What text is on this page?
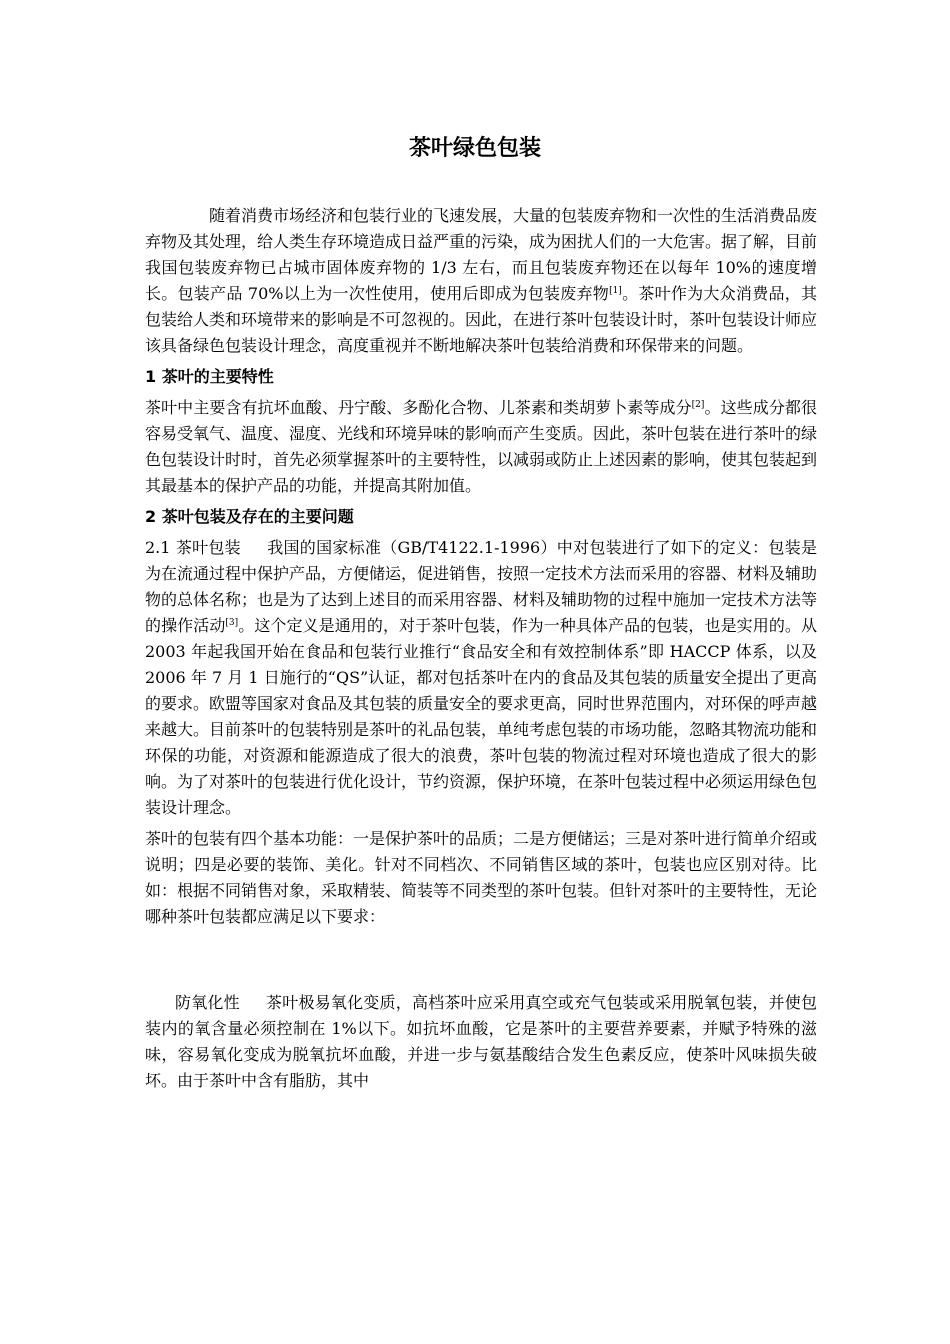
茶叶绿色包装

随着消费市场经济和包装行业的飞速发展，大量的包装废弃物和一次性的生活消费品废弃物及其处理，给人类生存环境造成日益严重的污染，成为困扰人们的一大危害。据了解，目前我国包装废弃物已占城市固体废弃物的 1/3 左右，而且包装废弃物还在以每年 10%的速度增长。包装产品 70%以上为一次性使用，使用后即成为包装废弃物[1]。茶叶作为大众消费品，其包装给人类和环境带来的影响是不可忽视的。因此，在进行茶叶包装设计时，茶叶包装设计师应该具备绿色包装设计理念，高度重视并不断地解决茶叶包装给消费和环保带来的问题。

1 茶叶的主要特性

茶叶中主要含有抗坏血酸、丹宁酸、多酚化合物、儿茶素和类胡萝卜素等成分[2]。这些成分都很容易受氧气、温度、湿度、光线和环境异味的影响而产生变质。因此，茶叶包装在进行茶叶的绿色包装设计时时，首先必须掌握茶叶的主要特性，以减弱或防止上述因素的影响，使其包装起到其最基本的保护产品的功能，并提高其附加值。

2 茶叶包装及存在的主要问题

2.1 茶叶包装 我国的国家标准（GB/T4122.1-1996）中对包装进行了如下的定义：包装是为在流通过程中保护产品，方便储运，促进销售，按照一定技术方法而采用的容器、材料及辅助物的总体名称；也是为了达到上述目的而采用容器、材料及辅助物的过程中施加一定技术方法等的操作活动[3]。这个定义是通用的，对于茶叶包装，作为一种具体产品的包装，也是实用的。从 2003 年起我国开始在食品和包装行业推行“食品安全和有效控制体系”即 HACCP 体系，以及 2006 年 7 月 1 日施行的“QS”认证，都对包括茶叶在内的食品及其包装的质量安全提出了更高的要求。欧盟等国家对食品及其包装的质量安全的要求更高，同时世界范围内，对环保的呼声越来越大。目前茶叶的包装特别是茶叶的礼品包装，单纯考虑包装的市场功能，忽略其物流功能和环保的功能，对资源和能源造成了很大的浪费，茶叶包装的物流过程对环境也造成了很大的影响。为了对茶叶的包装进行优化设计，节约资源，保护环境，在茶叶包装过程中必须运用绿色包装设计理念。

茶叶的包装有四个基本功能：一是保护茶叶的品质；二是方便储运；三是对茶叶进行简单介绍或说明；四是必要的装饰、美化。针对不同档次、不同销售区域的茶叶，包装也应区别对待。比如：根据不同销售对象，采取精装、简装等不同类型的茶叶包装。但针对茶叶的主要特性，无论哪种茶叶包装都应满足以下要求：

防氧化性 茶叶极易氧化变质，高档茶叶应采用真空或充气包装或采用脱氧包装，并使包装内的氧含量必须控制在 1%以下。如抗坏血酸，它是茶叶的主要营养要素，并赋予特殊的滋味，容易氧化变成为脱氧抗坏血酸，并进一步与氨基酸结合发生色素反应，使茶叶风味损失破坏。由于茶叶中含有脂肪，其中
